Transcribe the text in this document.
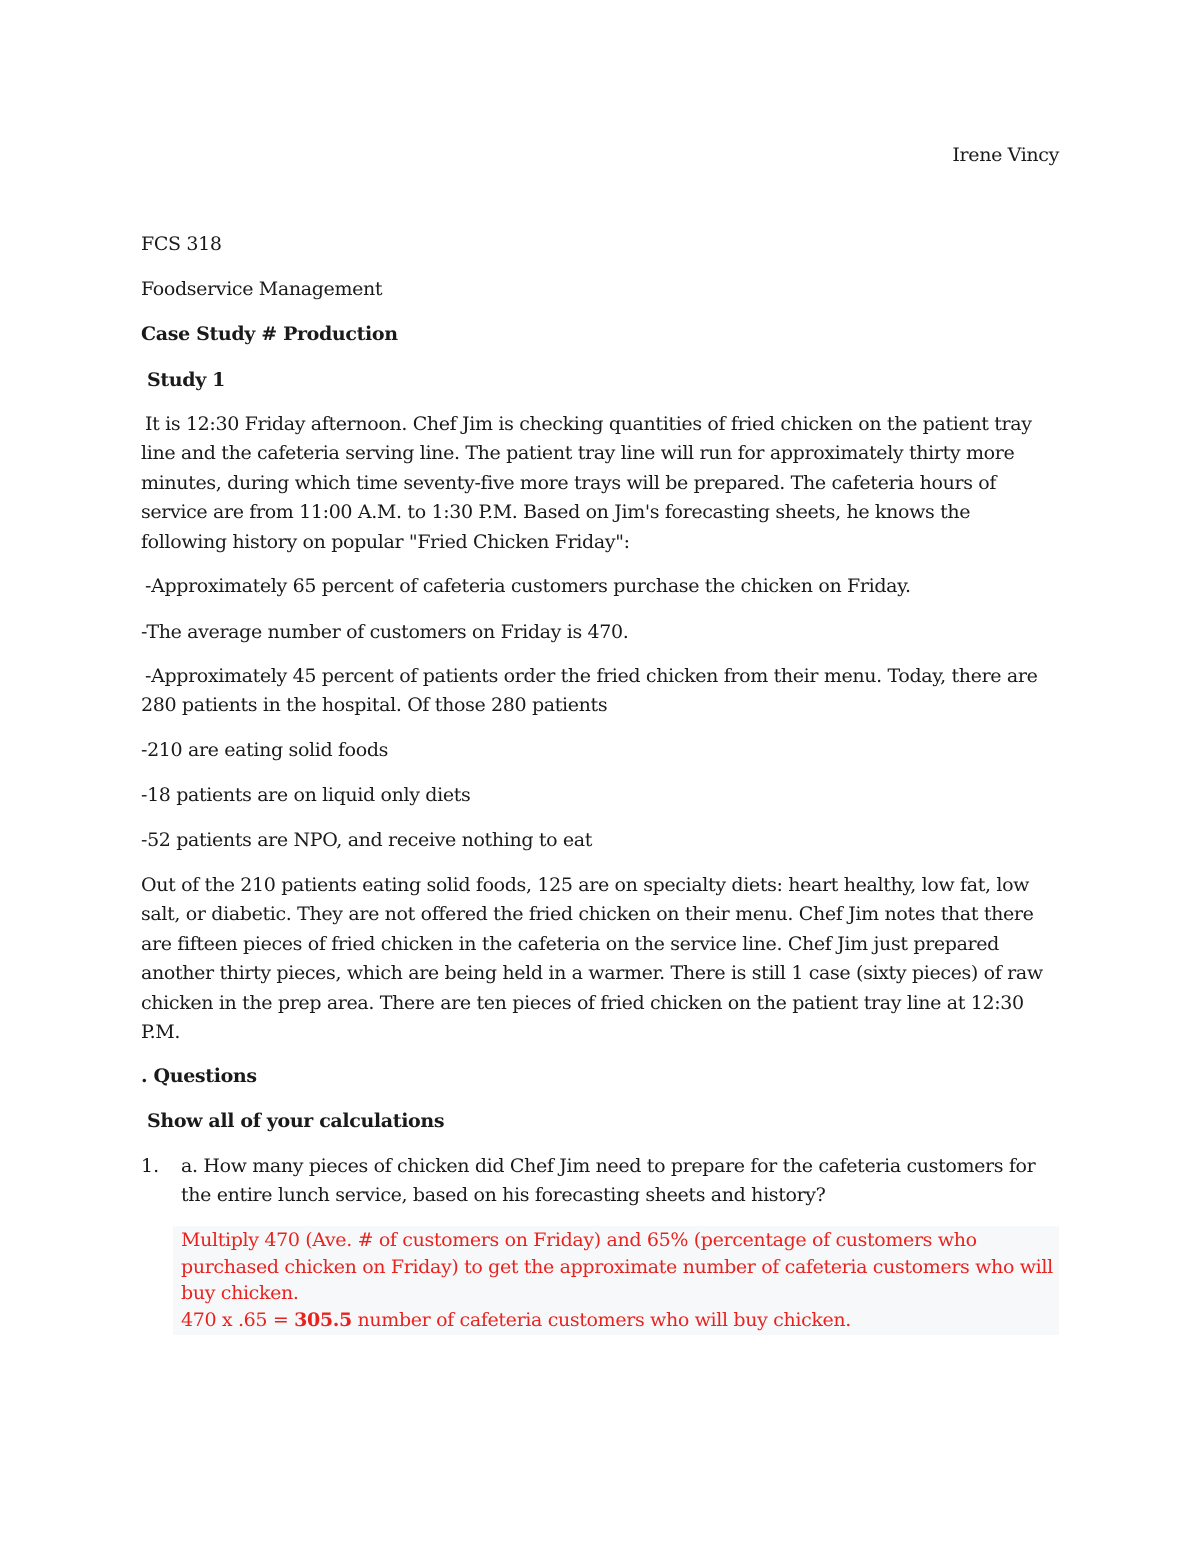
Irene Vincy

FCS 318

Foodservice Management

Case Study # Production

Study 1

It is 12:30 Friday afternoon. Chef Jim is checking quantities of fried chicken on the patient tray
line and the cafeteria serving line. The patient tray line will run for approximately thirty more
minutes, during which time seventy-five more trays will be prepared. The cafeteria hours of
service are from 11:00 A.M. to 1:30 P.M. Based on Jim's forecasting sheets, he knows the
following history on popular "Fried Chicken Friday":

-Approximately 65 percent of cafeteria customers purchase the chicken on Friday.

-The average number of customers on Friday is 470.

-Approximately 45 percent of patients order the fried chicken from their menu. Today, there are
280 patients in the hospital. Of those 280 patients

-210 are eating solid foods

-18 patients are on liquid only diets

-52 patients are NPO, and receive nothing to eat

Out of the 210 patients eating solid foods, 125 are on specialty diets: heart healthy, low fat, low
salt, or diabetic. They are not offered the fried chicken on their menu. Chef Jim notes that there
are fifteen pieces of fried chicken in the cafeteria on the service line. Chef Jim just prepared
another thirty pieces, which are being held in a warmer. There is still 1 case (sixty pieces) of raw
chicken in the prep area. There are ten pieces of fried chicken on the patient tray line at 12:30
P.M.

. Questions

Show all of your calculations

1. a. How many pieces of chicken did Chef Jim need to prepare for the cafeteria customers for
the entire lunch service, based on his forecasting sheets and history?
Multiply 470 (Ave. # of customers on Friday) and 65% (percentage of customers who
purchased chicken on Friday) to get the approximate number of cafeteria customers who will
buy chicken.
470 x .65 = 305.5 number of cafeteria customers who will buy chicken.
